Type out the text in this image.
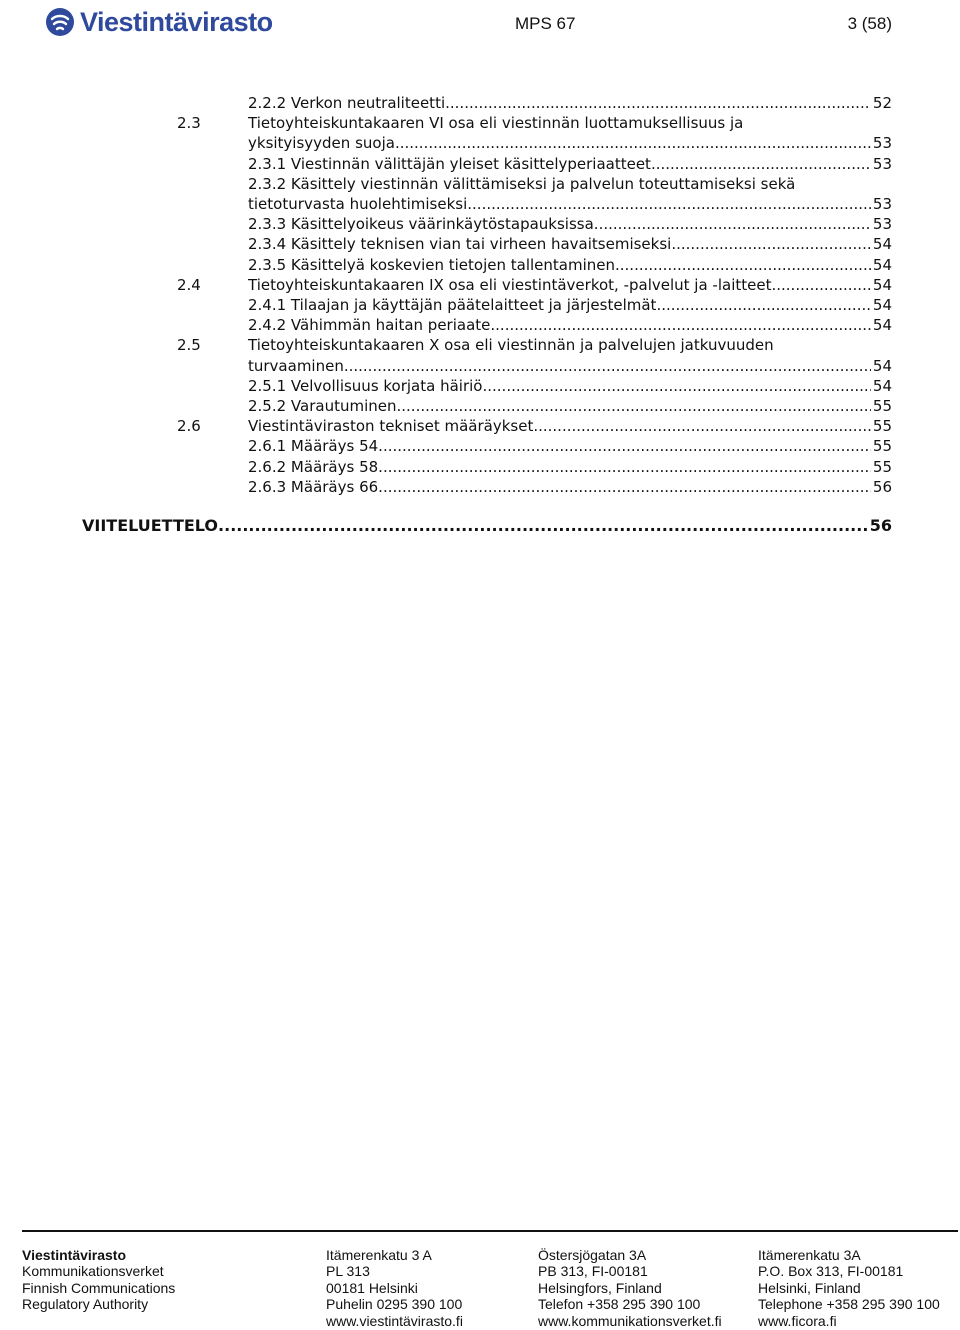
Viestintävirasto	MPS 67	3 (58)
2.2.2 Verkon neutraliteetti .....	52
2.3	Tietoyhteiskuntakaaren VI osa eli viestinnän luottamuksellisuus ja
yksityisyyden suoja .....	53
2.3.1 Viestinnän välittäjän yleiset käsittelyperiaatteet .....	53
2.3.2 Käsittely viestinnän välittämiseksi ja palvelun toteuttamiseksi sekä
tietoturvasta huolehtimiseksi .....	53
2.3.3 Käsittelyoikeus väärinkäytöstapauksissa .....	53
2.3.4 Käsittely teknisen vian tai virheen havaitsemiseksi .....	54
2.3.5 Käsittelyä koskevien tietojen tallentaminen .....	54
2.4	Tietoyhteiskuntakaaren IX osa eli viestintäverkot, -palvelut ja -laitteet .....	54
2.4.1 Tilaajan ja käyttäjän päätelaitteet ja järjestelmät .....	54
2.4.2 Vähimmän haitan periaate .....	54
2.5	Tietoyhteiskuntakaaren X osa eli viestinnän ja palvelujen jatkuvuuden
turvaaminen .....	54
2.5.1 Velvollisuus korjata häiriö .....	54
2.5.2 Varautuminen .....	55
2.6	Viestintäviraston tekniset määräykset .....	55
2.6.1 Määräys 54 .....	55
2.6.2 Määräys 58 .....	55
2.6.3 Määräys 66 .....	56
VIITELUETTELO .....	56
Viestintävirasto
Kommunikationsverket
Finnish Communications
Regulatory Authority
Itämerenkatu 3 A
PL 313
00181 Helsinki
Puhelin 0295 390 100
www.viestintävirasto.fi
Östersjögatan 3A
PB 313, FI-00181
Helsingfors, Finland
Telefon +358 295 390 100
www.kommunikationsverket.fi
Itämerenkatu 3A
P.O. Box 313, FI-00181
Helsinki, Finland
Telephone +358 295 390 100
www.ficora.fi
